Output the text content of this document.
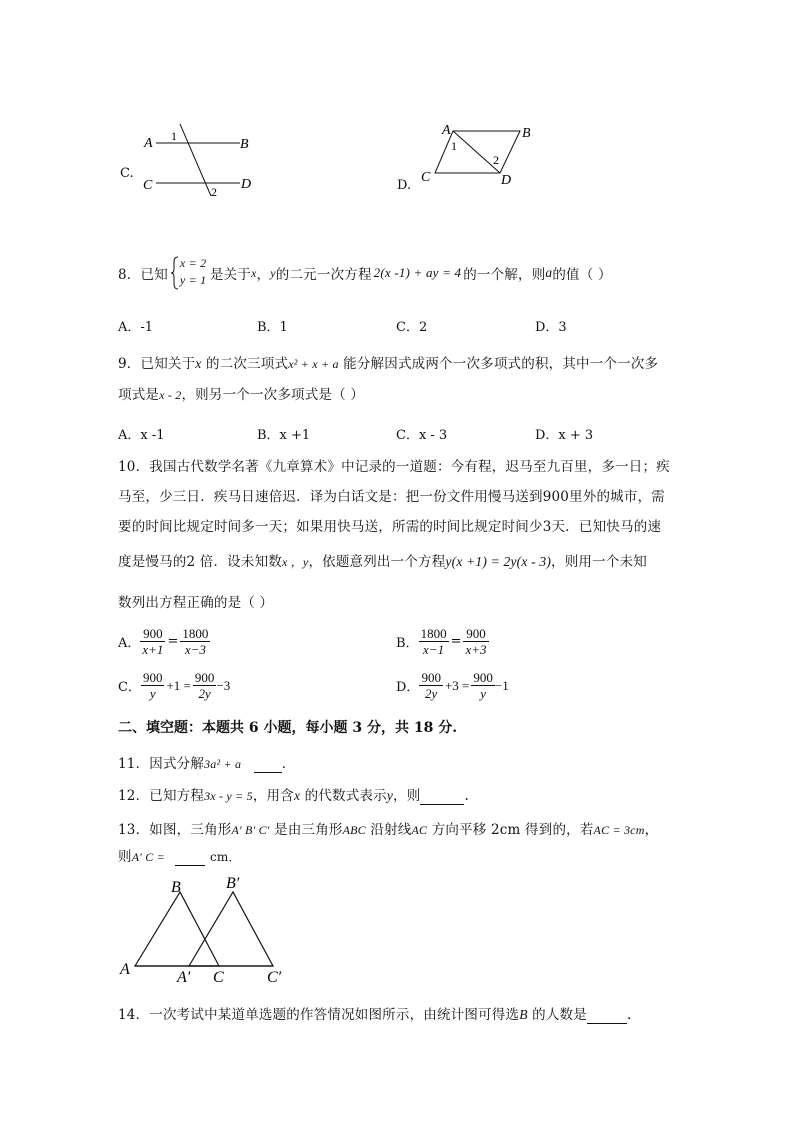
C.
A	B
C	D
1
2	D.
A	B
C	D
1
2
8．已知
x = 2
y = 1 是关于 x ， y 的二元一次方程 2(x -1) + ay = 4 的一个解，则 a 的值（ ）
A．-1	B．1	C．2	D．3
9．已知关于x 的二次三项式x² + x + a 能分解因式成两个一次多项式的积，其中一个一次多
项式是x - 2，则另一个一次多项式是（ ）
A．x -1	B．x +1	C．x - 3	D．x + 3
10．我国古代数学名著《九章算术》中记录的一道题：今有程，迟马至九百里，多一日；疾
马至，少三日．疾马日速倍迟．译为白话文是：把一份文件用慢马送到900里外的城市，需
要的时间比规定时间多一天；如果用快马送，所需的时间比规定时间少3天．已知快马的速
度是慢马的2 倍．设未知数x ，y，依题意列出一个方程y(x +1) = 2y(x - 3)，则用一个未知
数列出方程正确的是（ ）
A． $\frac{900}{x+1} = \frac{1800}{x-3}$	B． $\frac{1800}{x-1} = \frac{900}{x+3}$
C． $\frac{900}{y} +1 = \frac{900}{2y} -3$	D． $\frac{900}{2y} +3 = \frac{900}{y} -1$
二、填空题：本题共 6 小题，每小题 3 分，共 18 分.
11．因式分解3a² + a	．
12．已知方程3x - y = 5，用含x 的代数式表示y，则	.
13．如图，三角形A′ B′ C′ 是由三角形ABC 沿射线AC 方向平移 2cm 得到的，若AC = 3cm，
则A′ C =	cm．
A
B
C
A′
B′
C′
14．一次考试中某道单选题的作答情况如图所示，由统计图可得选B 的人数是	.
